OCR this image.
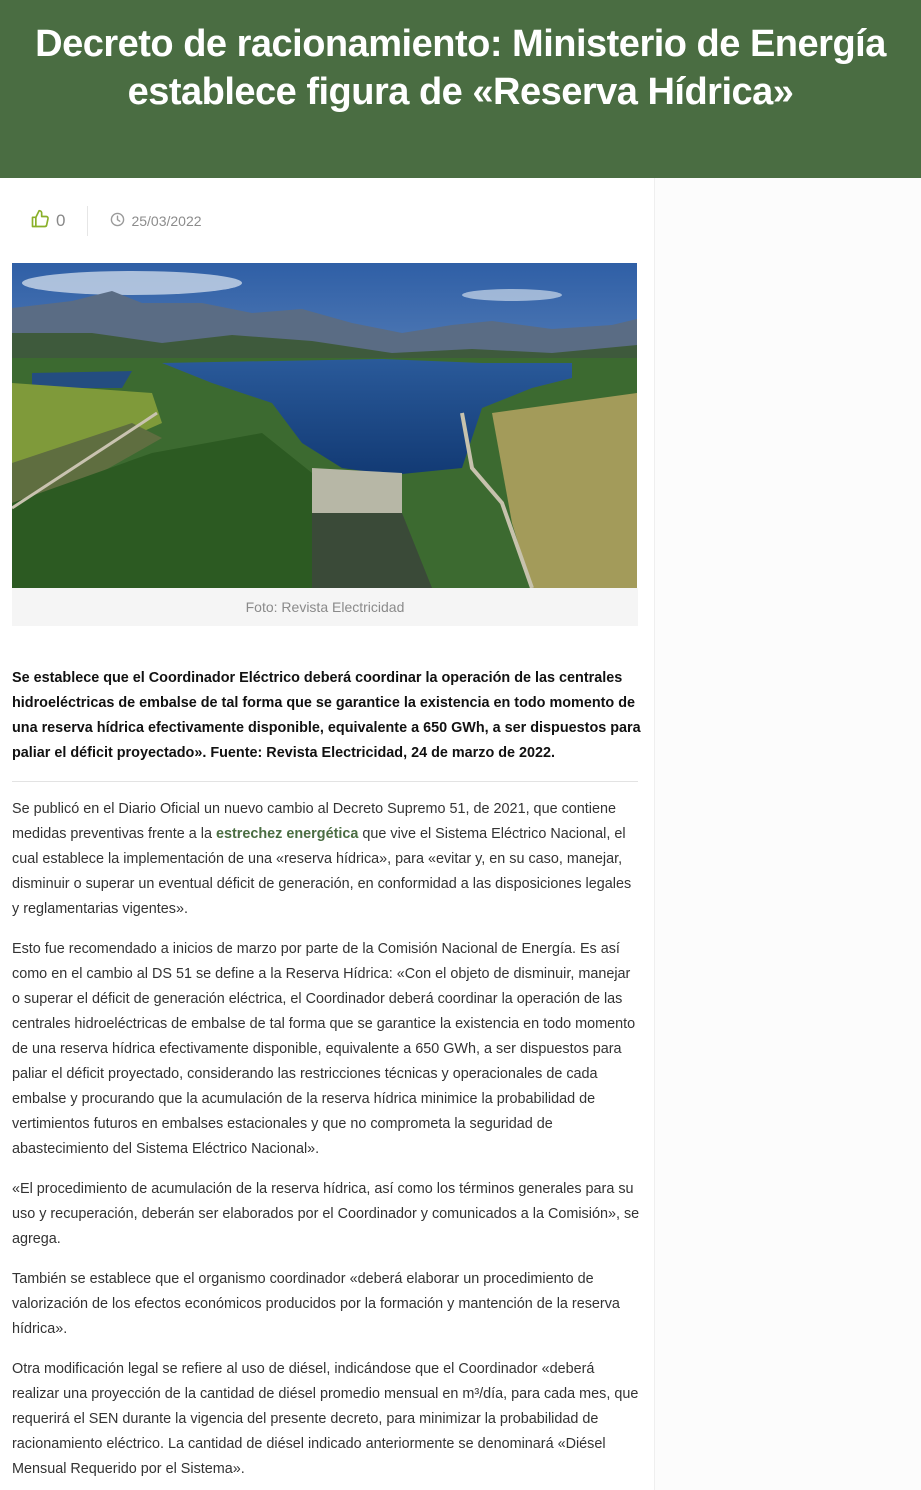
Decreto de racionamiento: Ministerio de Energía establece figura de «Reserva Hídrica»
0	25/03/2022
Foto: Revista Electricidad
Se establece que el Coordinador Eléctrico deberá coordinar la operación de las centrales hidroeléctricas de embalse de tal forma que se garantice la existencia en todo momento de una reserva hídrica efectivamente disponible, equivalente a 650 GWh, a ser dispuestos para paliar el déficit proyectado». Fuente: Revista Electricidad, 24 de marzo de 2022.

Se publicó en el Diario Oficial un nuevo cambio al Decreto Supremo 51, de 2021, que contiene medidas preventivas frente a la estrechez energética que vive el Sistema Eléctrico Nacional, el cual establece la implementación de una «reserva hídrica», para «evitar y, en su caso, manejar, disminuir o superar un eventual déficit de generación, en conformidad a las disposiciones legales y reglamentarias vigentes».

Esto fue recomendado a inicios de marzo por parte de la Comisión Nacional de Energía. Es así como en el cambio al DS 51 se define a la Reserva Hídrica: «Con el objeto de disminuir, manejar o superar el déficit de generación eléctrica, el Coordinador deberá coordinar la operación de las centrales hidroeléctricas de embalse de tal forma que se garantice la existencia en todo momento de una reserva hídrica efectivamente disponible, equivalente a 650 GWh, a ser dispuestos para paliar el déficit proyectado, considerando las restricciones técnicas y operacionales de cada embalse y procurando que la acumulación de la reserva hídrica minimice la probabilidad de vertimientos futuros en embalses estacionales y que no comprometa la seguridad de abastecimiento del Sistema Eléctrico Nacional».

«El procedimiento de acumulación de la reserva hídrica, así como los términos generales para su uso y recuperación, deberán ser elaborados por el Coordinador y comunicados a la Comisión», se agrega.

También se establece que el organismo coordinador «deberá elaborar un procedimiento de valorización de los efectos económicos producidos por la formación y mantención de la reserva hídrica».

Otra modificación legal se refiere al uso de diésel, indicándose que el Coordinador «deberá realizar una proyección de la cantidad de diésel promedio mensual en m³/día, para cada mes, que requerirá el SEN durante la vigencia del presente decreto, para minimizar la probabilidad de racionamiento eléctrico. La cantidad de diésel indicado anteriormente se denominará «Diésel Mensual Requerido por el Sistema».
